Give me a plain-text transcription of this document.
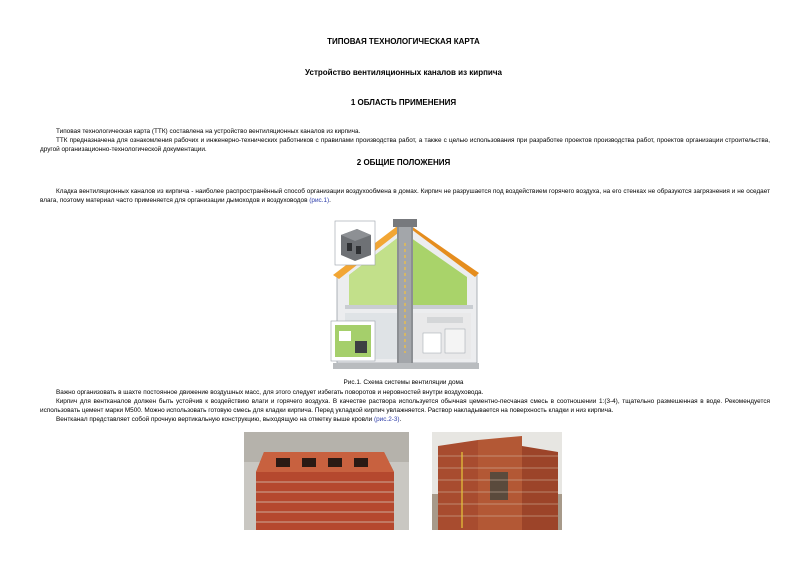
ТИПОВАЯ ТЕХНОЛОГИЧЕСКАЯ КАРТА
Устройство вентиляционных каналов из кирпича
1 ОБЛАСТЬ ПРИМЕНЕНИЯ
Типовая технологическая карта (ТТК) составлена на устройство вентиляционных каналов из кирпича.
ТТК предназначена для ознакомления рабочих и инженерно-технических работников с правилами производства работ, а также с целью использования при разработке проектов производства работ, проектов организации строительства, другой организационно-технологической документации.
2 ОБЩИЕ ПОЛОЖЕНИЯ
Кладка вентиляционных каналов из кирпича - наиболее распространённый способ организации воздухообмена в домах. Кирпич не разрушается под воздействием горячего воздуха, на его стенках не образуются загрязнения и не оседает влага, поэтому материал часто применяется для организации дымоходов и воздуховодов (рис.1).
Рис.1. Схема системы вентиляции дома
Важно организовать в шахте постоянное движение воздушных масс, для этого следует избегать поворотов и неровностей внутри воздуховода.
Кирпич для вентканалов должен быть устойчив к воздействию влаги и горячего воздуха. В качестве раствора используется обычная цементно-песчаная смесь в соотношении 1:(3-4), тщательно размешенная в воде. Рекомендуется использовать цемент марки М500. Можно использовать готовую смесь для кладки кирпича. Перед укладкой кирпич увлажняется. Раствор накладывается на поверхность кладки и низ кирпича.
Вентканал представляет собой прочную вертикальную конструкцию, выходящую на отметку выше кровли (рис.2-3).
